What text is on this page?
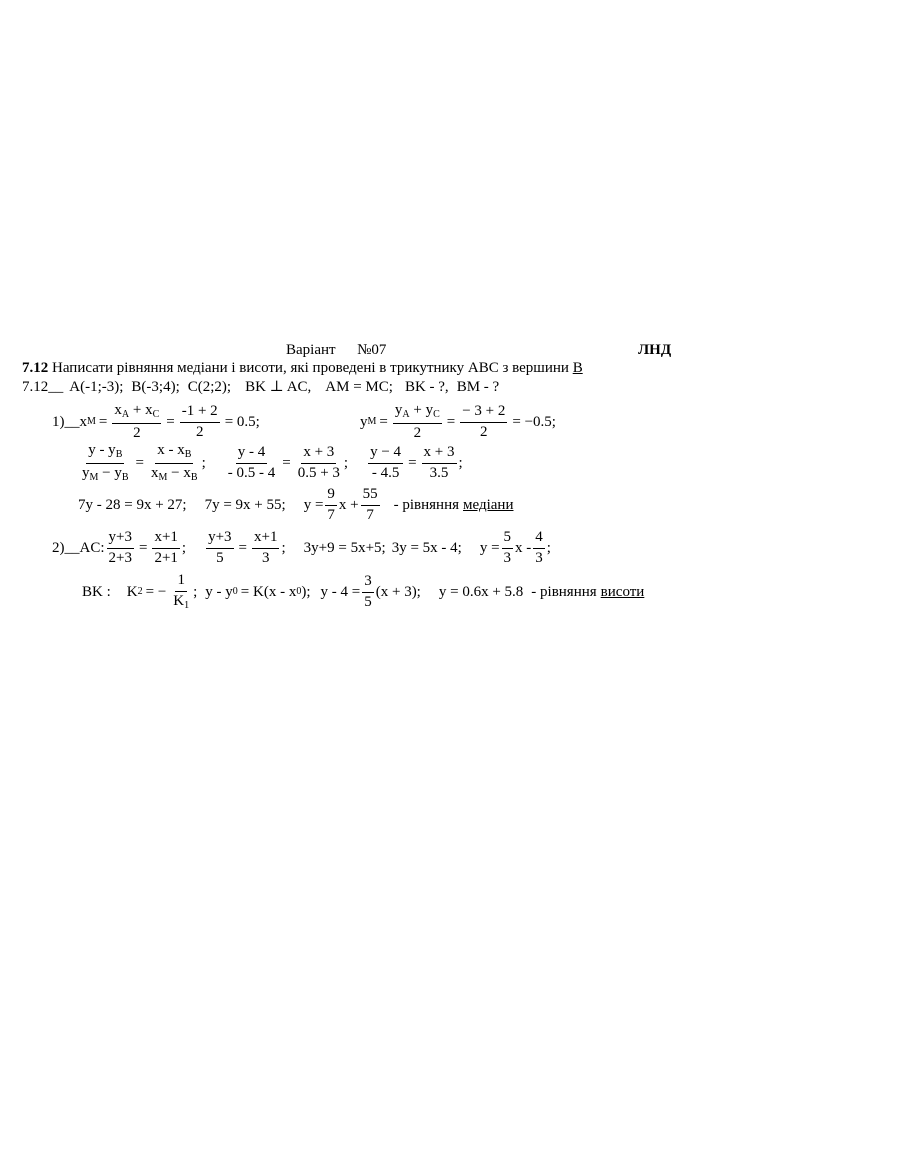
Варіант №07	ЛНД
7.12 Написати рівняння медіани і висоти, які проведені в трикутнику АВС з вершини В
7.12 __ A(-1;-3); B(-3;4); C(2;2); BK ⊥ AC, AM = MC; BK - ?, BM - ?
1)__ x $M = \frac{x_A + x_C}{2} = \frac{-1 + 2}{2} = 0.5$;	y $M = \frac{y_A + y_C}{2} = \frac{- 3 + 2}{2} = -0.5$;
$\frac{y - y_B}{y_M - y_B} = \frac{x - x_B}{x_M - x_B}$ ; $\frac{y - 4}{- 0.5 - 4} = \frac{x + 3}{0.5 + 3}$ ; $\frac{y - 4}{- 4.5} = \frac{x + 3}{3.5}$ ;
7y - 28 = 9x + 27; 7y = 9x + 55; $y = \frac{9}{7}$ $x + \frac{55}{7}$ - рівняння медіани
2)__AC: $\frac{y+3}{2+3} = \frac{x+1}{2+1}$ ; $\frac{y+3}{5} = \frac{x+1}{3}$ ; 3y+9 = 5x+5; 3y = 5x - 4; $y = \frac{5}{3}$ x - $\frac{4}{3}$ ;
BK : K 2 = − $\frac{1}{K_1}$ ; y - y 0 = K(x - x 0 ); $y - 4 = \frac{3}{5} (x + 3)$; y = 0.6x + 5.8 - рівняння висоти
